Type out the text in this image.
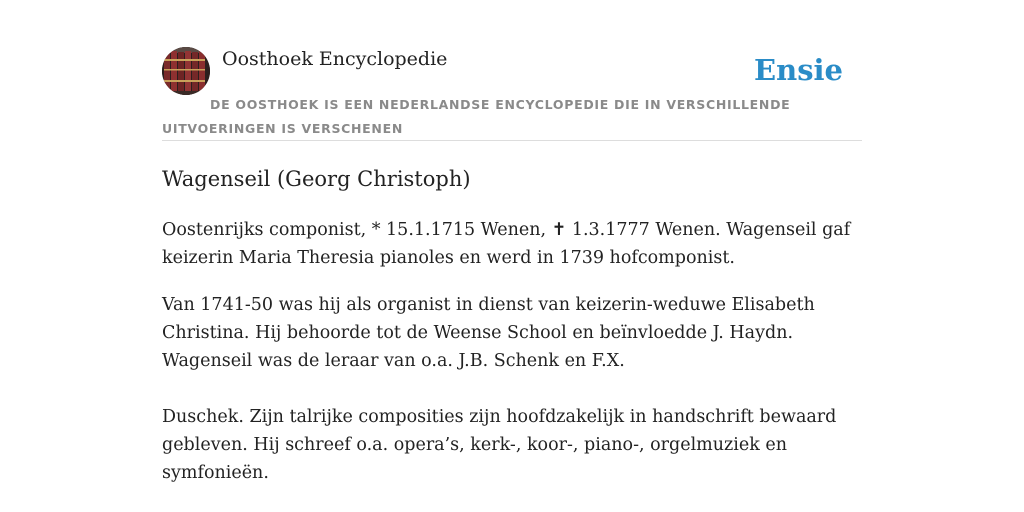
Oosthoek Encyclopedie	Ensie
DE OOSTHOEK IS EEN NEDERLANDSE ENCYCLOPEDIE DIE IN VERSCHILLENDE UITVOERINGEN IS VERSCHENEN
Wagenseil (Georg Christoph)

Oostenrijks componist, * 15.1.1715 Wenen, ✝ 1.3.1777 Wenen. Wagenseil gaf keizerin Maria Theresia pianoles en werd in 1739 hofcomponist.

Van 1741-50 was hij als organist in dienst van keizerin-weduwe Elisabeth Christina. Hij behoorde tot de Weense School en beïnvloedde J. Haydn. Wagenseil was de leraar van o.a. J.B. Schenk en F.X.

Duschek. Zijn talrijke composities zijn hoofdzakelijk in handschrift bewaard gebleven. Hij schreef o.a. opera’s, kerk-, koor-, piano-, orgelmuziek en symfonieën.
